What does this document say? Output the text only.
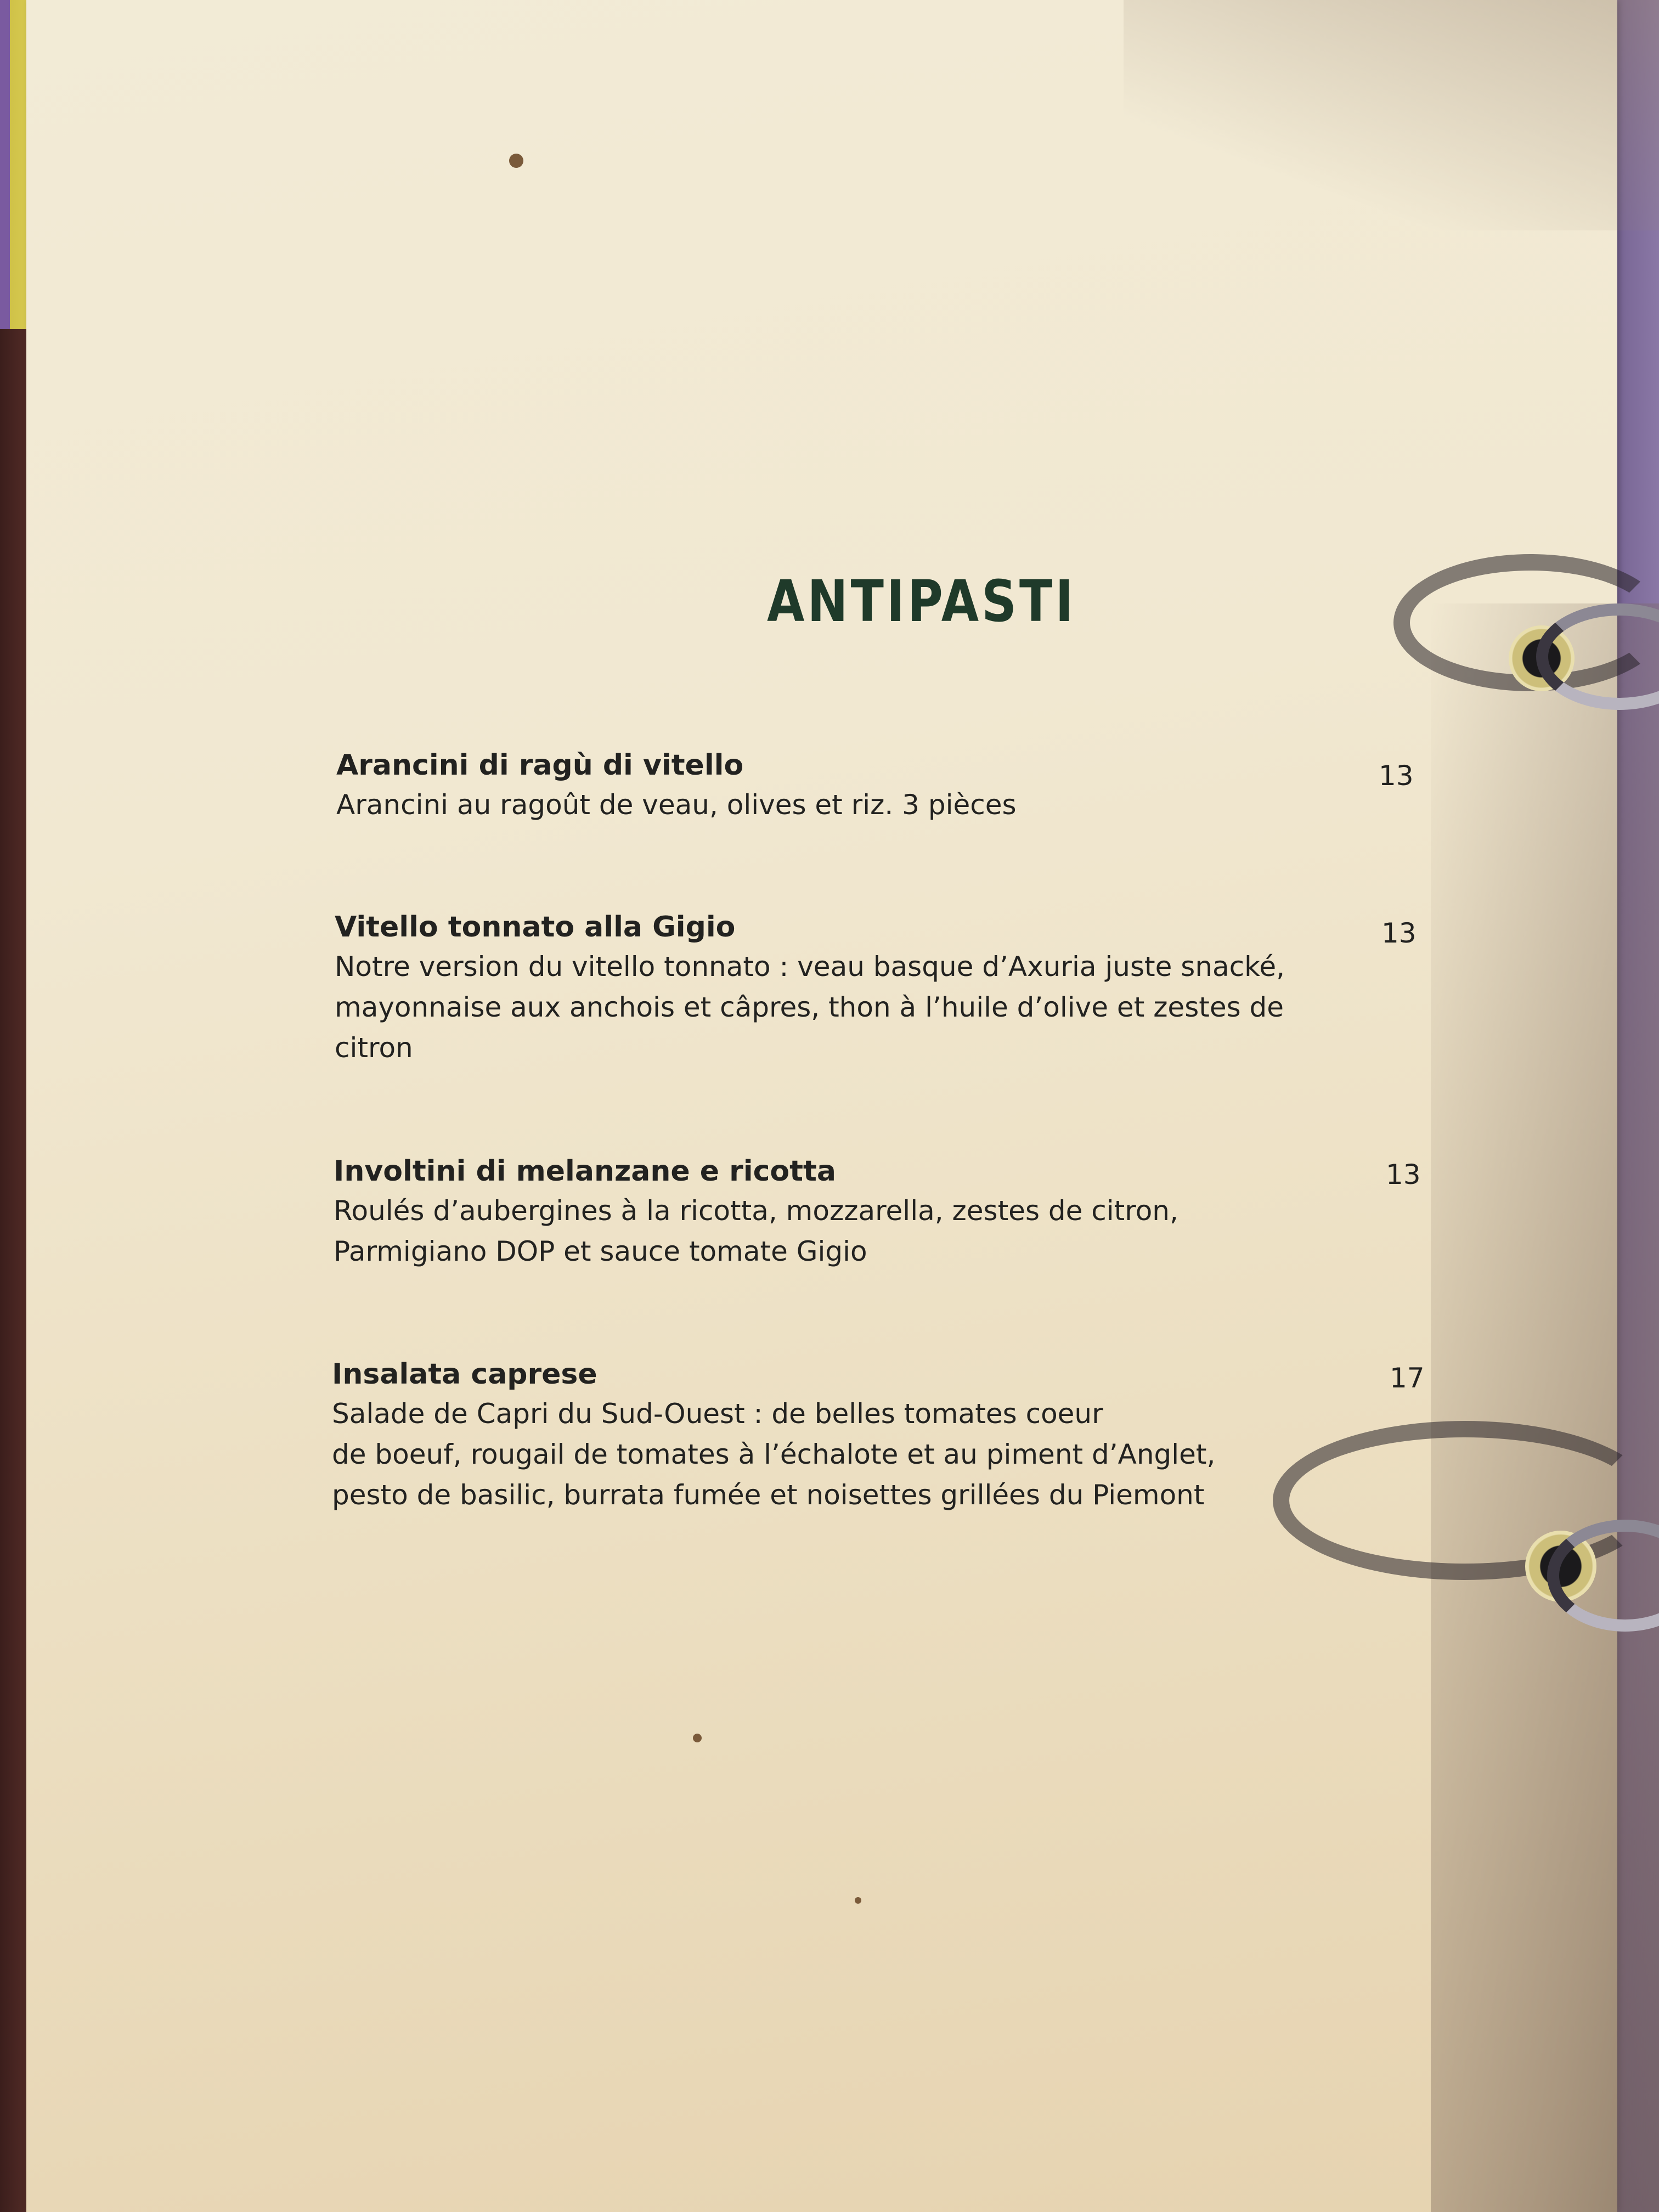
ANTIPASTI
Arancini di ragù di vitello
Arancini au ragoût de veau, olives et riz. 3 pièces
13
Vitello tonnato alla Gigio
Notre version du vitello tonnato : veau basque d’Axuria juste snacké,
mayonnaise aux anchois et câpres, thon à l’huile d’olive et zestes de
citron
13
Involtini di melanzane e ricotta
Roulés d’aubergines à la ricotta, mozzarella, zestes de citron,
Parmigiano DOP et sauce tomate Gigio
13
Insalata caprese
Salade de Capri du Sud-Ouest : de belles tomates coeur
de boeuf, rougail de tomates à l’échalote et au piment d’Anglet,
pesto de basilic, burrata fumée et noisettes grillées du Piemont
17
